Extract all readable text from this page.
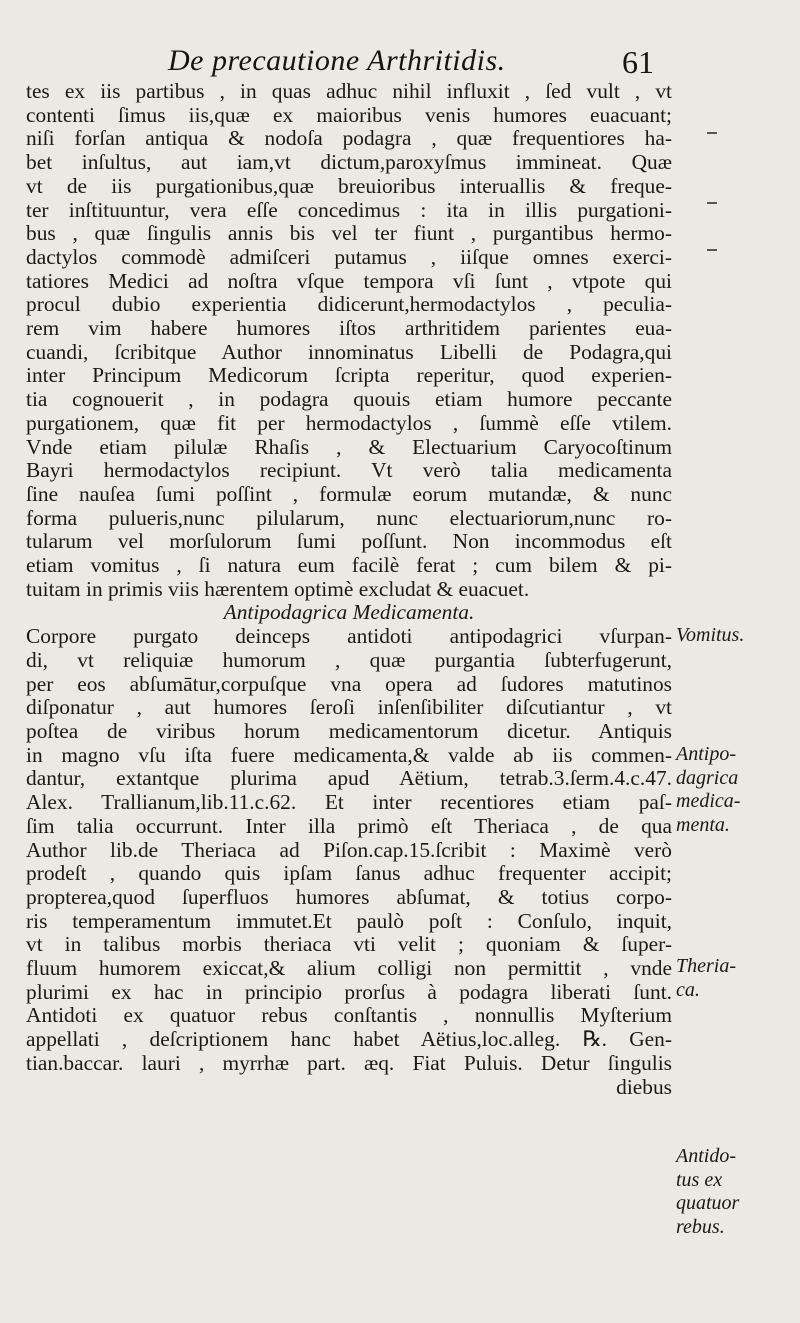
De precautione Arthritidis.	61
tes ex iis partibus , in quas adhuc nihil influxit , ſed vult , vt
contenti ſimus iis,quæ ex maioribus venis humores euacuant;
niſi forſan antiqua & nodoſa podagra , quæ frequentiores ha-
bet inſultus, aut iam,vt dictum,paroxyſmus immineat. Quæ
vt de iis purgationibus,quæ breuioribus interuallis & freque-
ter inſtituuntur, vera eſſe concedimus : ita in illis purgationi-
bus , quæ ſingulis annis bis vel ter fiunt , purgantibus hermo-
dactylos commodè admiſceri putamus , iiſque omnes exerci-
tatiores Medici ad noſtra vſque tempora vſi ſunt , vtpote qui
procul dubio experientia didicerunt,hermodactylos , peculia-
rem vim habere humores iſtos arthritidem parientes eua-
cuandi, ſcribitque Author innominatus Libelli de Podagra,qui
inter Principum Medicorum ſcripta reperitur, quod experien-
tia cognouerit , in podagra quouis etiam humore peccante
purgationem, quæ fit per hermodactylos , ſummè eſſe vtilem.
Vnde etiam pilulæ Rhaſis , & Electuarium Caryocoſtinum
Bayri hermodactylos recipiunt. Vt verò talia medicamenta
ſine nauſea ſumi poſſint , formulæ eorum mutandæ, & nunc
forma pulueris,nunc pilularum, nunc electuariorum,nunc ro-
tularum vel morſulorum ſumi poſſunt. Non incommodus eſt
etiam vomitus , ſi natura eum facilè ferat ; cum bilem & pi-
tuitam in primis viis hærentem optimè excludat & euacuet.
Antipodagrica Medicamenta.
Corpore purgato deinceps antidoti antipodagrici vſurpan-
di, vt reliquiæ humorum , quæ purgantia ſubterfugerunt,
per eos abſumātur,corpuſque vna opera ad ſudores matutinos
diſponatur , aut humores ſeroſi inſenſibiliter diſcutiantur , vt
poſtea de viribus horum medicamentorum dicetur. Antiquis
in magno vſu iſta fuere medicamenta,& valde ab iis commen-
dantur, extantque plurima apud Aëtium, tetrab.3.ſerm.4.c.47.
Alex. Trallianum,lib.11.c.62. Et inter recentiores etiam paſ-
ſim talia occurrunt. Inter illa primò eſt Theriaca , de qua
Author lib.de Theriaca ad Piſon.cap.15.ſcribit : Maximè verò
prodeſt , quando quis ipſam ſanus adhuc frequenter accipit;
propterea,quod ſuperfluos humores abſumat, & totius corpo-
ris temperamentum immutet.Et paulò poſt : Conſulo, inquit,
vt in talibus morbis theriaca vti velit ; quoniam & ſuper-
fluum humorem exiccat,& alium colligi non permittit , vnde
plurimi ex hac in principio prorſus à podagra liberati ſunt.
Antidoti ex quatuor rebus conſtantis , nonnullis Myſterium
appellati , deſcriptionem hanc habet Aëtius,loc.alleg. ℞. Gen-
tian.baccar. lauri , myrrhæ part. æq. Fiat Puluis. Detur ſingulis
diebus
Vomitus.
Antipo-
dagrica
medica-
menta.
Theria-
ca.
Antido-
tus ex
quatuor
rebus.
